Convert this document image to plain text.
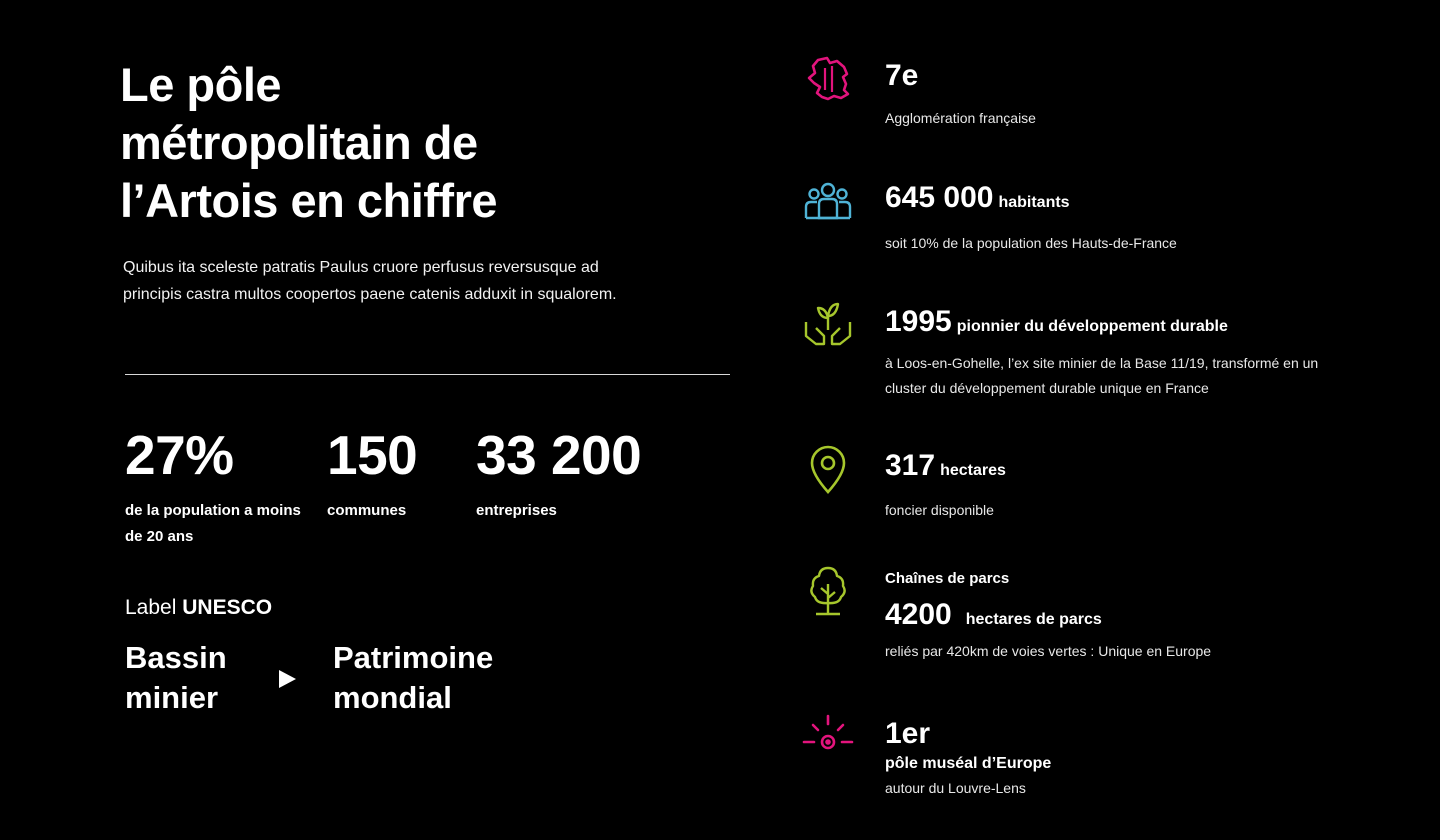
Le pôle métropolitain de l’Artois en chiffre

Quibus ita sceleste patratis Paulus cruore perfusus reversusque ad principis castra multos coopertos paene catenis adduxit in squalorem.

27%
de la population a moins de 20 ans
150
communes
33 200
entreprises
Label UNESCO
Bassin minier
Patrimoine mondial
7e
Agglomération française
645 000 habitants
soit 10% de la population des Hauts-de-France
1995 pionnier du développement durable
à Loos-en-Gohelle, l’ex site minier de la Base 11/19, transformé en un cluster du développement durable unique en France
317 hectares
foncier disponible
Chaînes de parcs
4200 hectares de parcs
reliés par 420km de voies vertes : Unique en Europe
1er
pôle muséal d’Europe
autour du Louvre-Lens
